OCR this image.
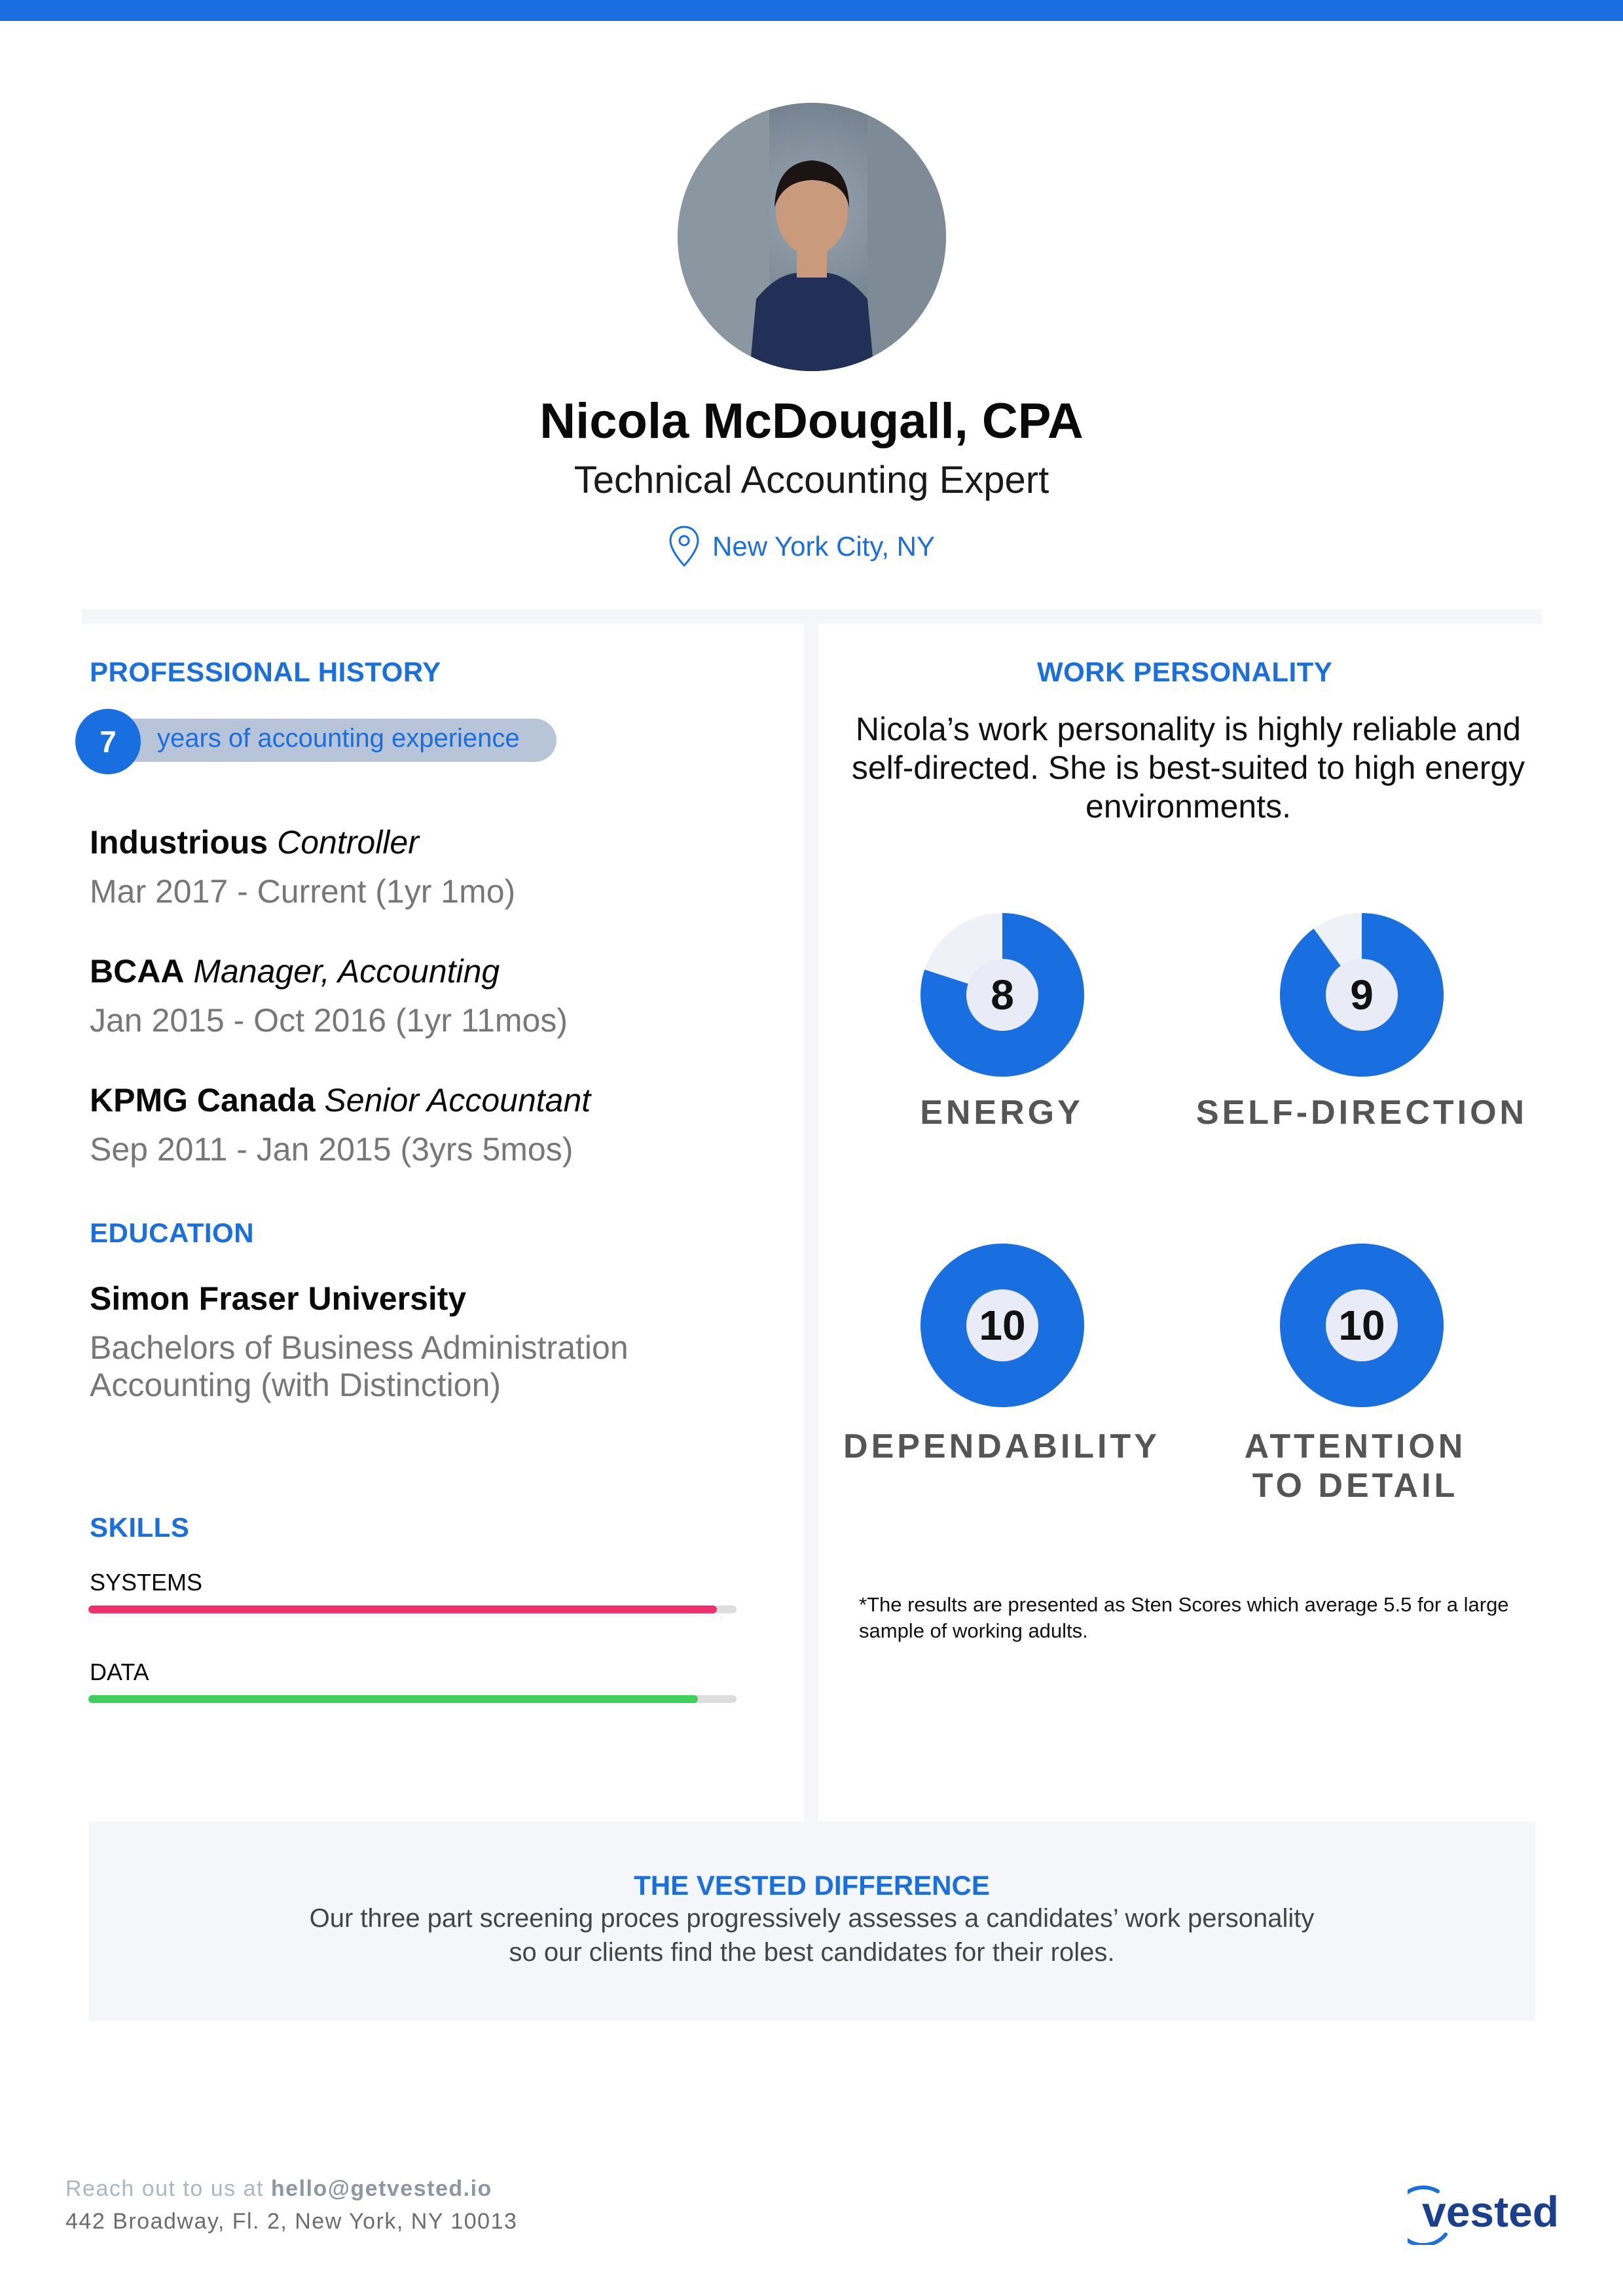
Nicola McDougall, CPA
Technical Accounting Expert
New York City, NY
PROFESSIONAL HISTORY
7	years of accounting experience
Industrious Controller
Mar 2017 - Current (1yr 1mo)
BCAA Manager, Accounting
Jan 2015 - Oct 2016 (1yr 11mos)
KPMG Canada Senior Accountant
Sep 2011 - Jan 2015 (3yrs 5mos)
EDUCATION
Simon Fraser University
Bachelors of Business Administration
Accounting (with Distinction)
SKILLS
SYSTEMS
DATA
WORK PERSONALITY
Nicola’s work personality is highly reliable and self-directed. She is best-suited to high energy environments.
8	9
10	10
ENERGY	SELF-DIRECTION
DEPENDABILITY	ATTENTION
TO DETAIL
*The results are presented as Sten Scores which average 5.5 for a large sample of working adults.
THE VESTED DIFFERENCE
Our three part screening proces progressively assesses a candidates’ work personality
so our clients find the best candidates for their roles.
Reach out to us at hello@getvested.io
442 Broadway, Fl. 2, New York, NY 10013	vested
